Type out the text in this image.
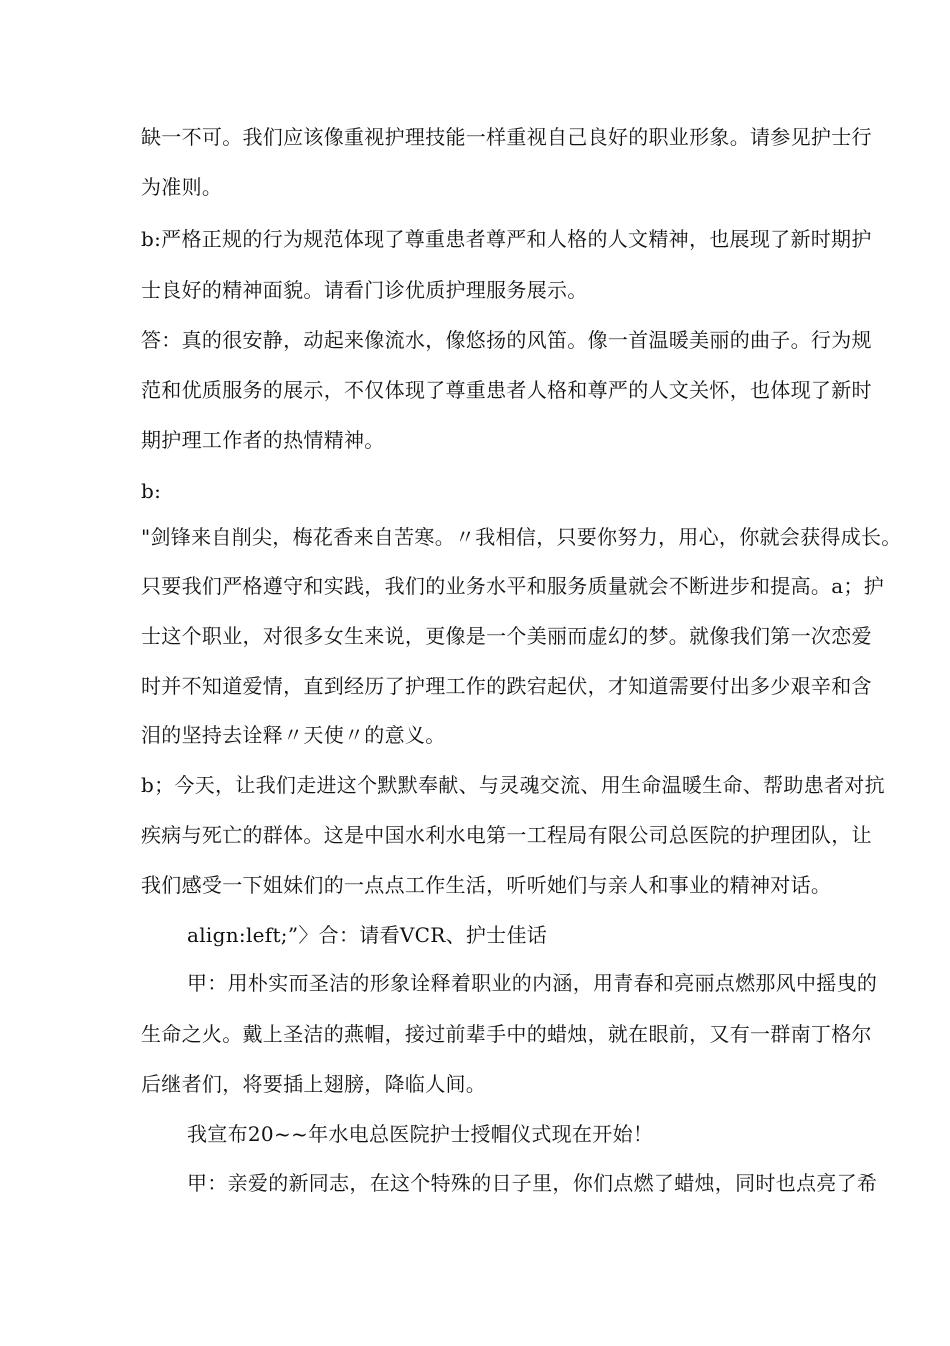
缺一不可。我们应该像重视护理技能一样重视自己良好的职业形象。请参见护士行
为准则。
b:严格正规的行为规范体现了尊重患者尊严和人格的人文精神，也展现了新时期护
士良好的精神面貌。请看门诊优质护理服务展示。
答：真的很安静，动起来像流水，像悠扬的风笛。像一首温暖美丽的曲子。行为规
范和优质服务的展示，不仅体现了尊重患者人格和尊严的人文关怀，也体现了新时
期护理工作者的热情精神。
b:
"剑锋来自削尖，梅花香来自苦寒。〃我相信，只要你努力，用心，你就会获得成长。
只要我们严格遵守和实践，我们的业务水平和服务质量就会不断进步和提高。a；护
士这个职业，对很多女生来说，更像是一个美丽而虚幻的梦。就像我们第一次恋爱
时并不知道爱情，直到经历了护理工作的跌宕起伏，才知道需要付出多少艰辛和含
泪的坚持去诠释〃天使〃的意义。
b；今天，让我们走进这个默默奉献、与灵魂交流、用生命温暖生命、帮助患者对抗
疾病与死亡的群体。这是中国水利水电第一工程局有限公司总医院的护理团队，让
我们感受一下姐妹们的一点点工作生活，听听她们与亲人和事业的精神对话。
align:left;”〉合：请看VCR、护士佳话
甲：用朴实而圣洁的形象诠释着职业的内涵，用青春和亮丽点燃那风中摇曳的
生命之火。戴上圣洁的燕帽，接过前辈手中的蜡烛，就在眼前，又有一群南丁格尔
后继者们，将要插上翅膀，降临人间。
我宣布20~~年水电总医院护士授帽仪式现在开始！
甲：亲爱的新同志，在这个特殊的日子里，你们点燃了蜡烛，同时也点亮了希
